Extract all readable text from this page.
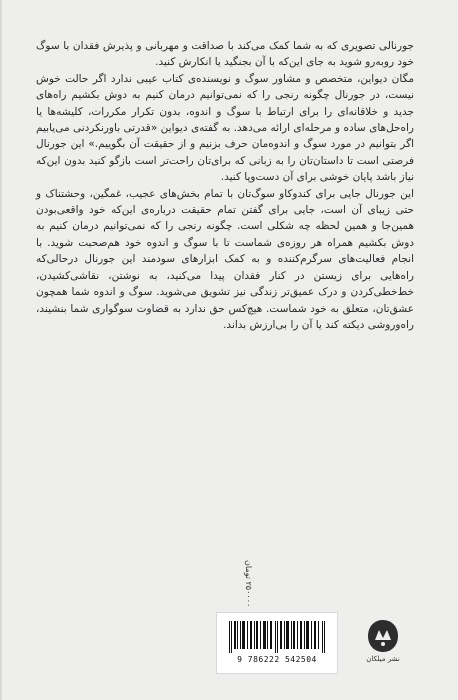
جورنالی تصویری که به شما کمک می‌کند با صداقت و مهربانی و پذیرش فقدان با سوگ خود روبه‌رو شوید به جای این‌که با آن بجنگید یا انکارش کنید.

مگان دیواین، متخصص و مشاور سوگ و نویسنده‌ی کتاب عیبی ندارد اگر حالت خوش نیست، در جورنال چگونه رنجی را که نمی‌توانیم درمان کنیم به دوش بکشیم راه‌های جدید و خلاقانه‌ای را برای ارتباط با سوگ و اندوه، بدون تکرار مکررات، کلیشه‌ها یا راه‌حل‌های ساده و مرحله‌ای ارائه می‌دهد. به گفته‌ی دیواین «قدرتی باورنکردنی می‌یابیم اگر بتوانیم در مورد سوگ و اندوه‌مان حرف بزنیم و از حقیقت آن بگوییم.» این جورنال فرصتی است تا داستان‌تان را به زبانی که برای‌تان راحت‌تر است بازگو کنید بدون این‌که نیاز باشد پایان خوشی برای آن دست‌وپا کنید.

این جورنال جایی برای کندوکاو سوگ‌تان با تمام بخش‌های عجیب، غمگین، وحشتناک و حتی زیبای آن است، جایی برای گفتن تمام حقیقت درباره‌ی این‌که خود واقعی‌بودن همین‌جا و همین لحظه چه شکلی است. چگونه رنجی را که نمی‌توانیم درمان کنیم به دوش بکشیم همراه هر روزه‌ی شماست تا با سوگ و اندوه خود هم‌صحبت شوید. با انجام فعالیت‌های سرگرم‌کننده و به کمک ابزارهای سودمند این جورنال درحالی‌که راه‌هایی برای زیستن در کنار فقدان پیدا می‌کنید، به نوشتن، نقاشی‌کشیدن، خط‌خطی‌کردن و درک عمیق‌تر زندگی نیز تشویق می‌شوید. سوگ و اندوه شما همچون عشق‌تان، متعلق به خود شماست. هیچ‌کس حق ندارد به قضاوت سوگواری شما بنشیند، راه‌وروشی دیکته کند یا آن را بی‌ارزش بداند.

۲۵۰۰۰۰ تومان
9 786222 542504	نشر میلکان
